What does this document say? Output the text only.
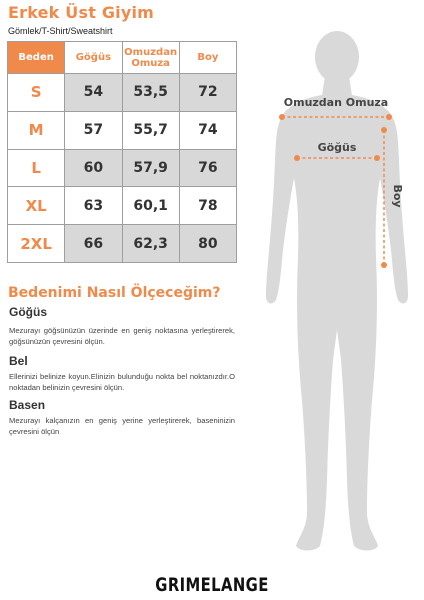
Erkek Üst Giyim
Gömlek/T-Shirt/Sweatshirt
Beden	Göğüs	Omuzdan Omuza	Boy
S	54	53,5	72
M	57	55,7	74
L	60	57,9	76
XL	63	60,1	78
2XL	66	62,3	80
Bedenimi Nasıl Ölçeceğim?
Göğüs

Mezurayı göğsünüzün üzerinde en geniş noktasına yerleştirerek, göğsünüzün çevresini ölçün.

Bel

Ellerinizi belinize koyun.Elinizin bulunduğu nokta bel noktanızdır.O noktadan belinizin çevresini ölçün.

Basen

Mezurayı kalçanızın en geniş yerine yerleştirerek, baseninizin çevresini ölçün

Omuzdan Omuza
Göğüs
Boy
GRIMELANGE
